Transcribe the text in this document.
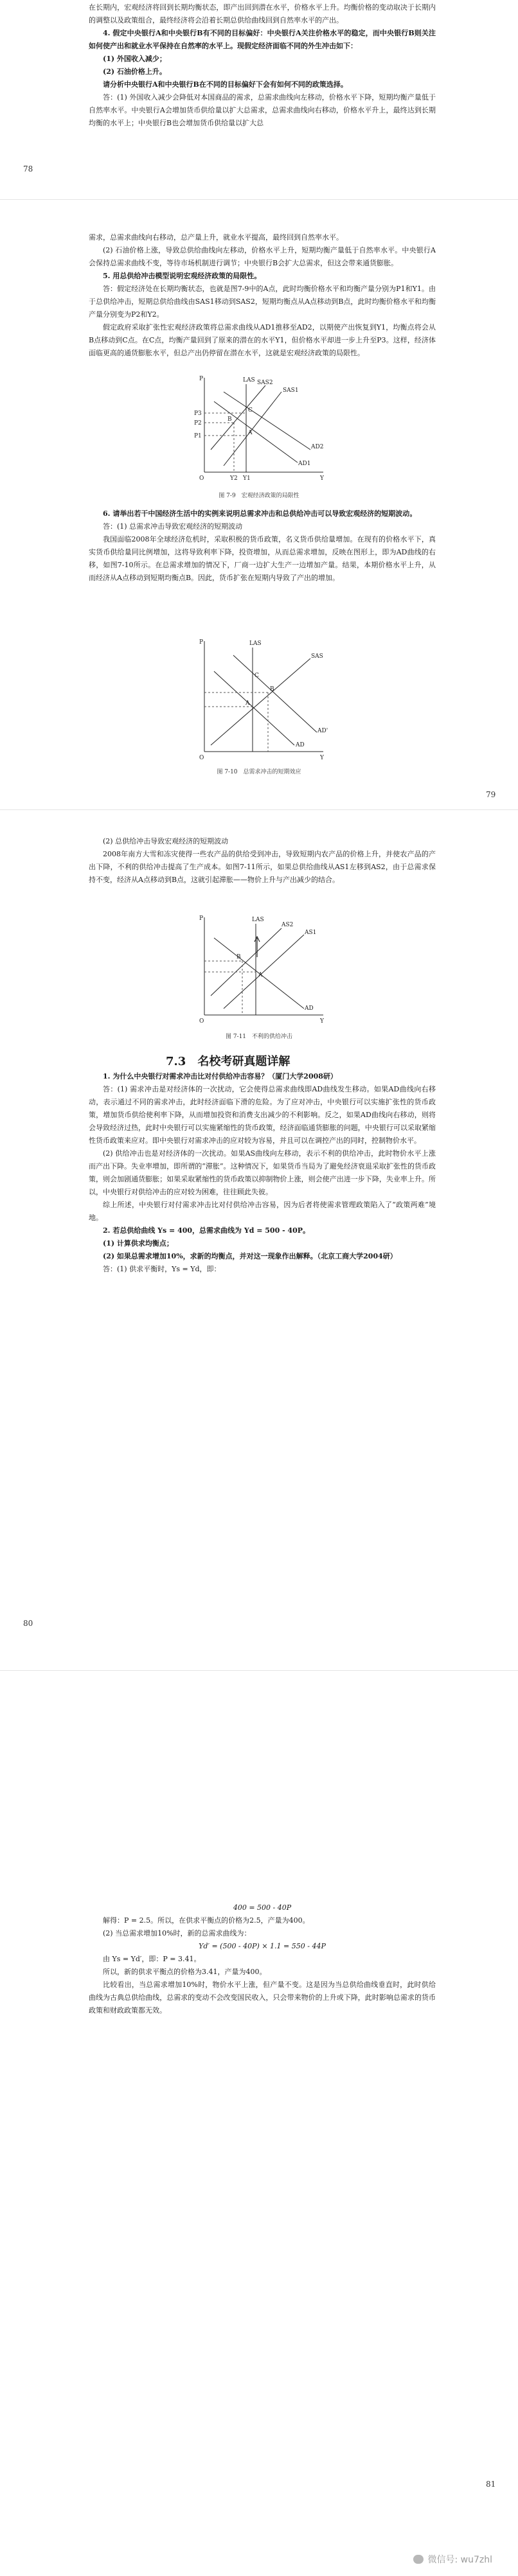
在长期内，宏观经济将回到长期均衡状态，即产出回到潜在水平，价格水平上升。均衡价格的变动取决于长期内的调整以及政策组合，最终经济将会沿着长期总供给曲线回到自然率水平的产出。

4. 假定中央银行A和中央银行B有不同的目标偏好：中央银行A关注价格水平的稳定，而中央银行B则关注如何使产出和就业水平保持在自然率的水平上。现假定经济面临不同的外生冲击如下：

(1) 外国收入减少；

(2) 石油价格上升。

请分析中央银行A和中央银行B在不同的目标偏好下会有如何不同的政策选择。

答：(1) 外国收入减少会降低对本国商品的需求，总需求曲线向左移动，价格水平下降，短期均衡产量低于自然率水平。中央银行A会增加货币供给量以扩大总需求，总需求曲线向右移动，价格水平升上，最终达到长期均衡的水平上；中央银行B也会增加货币供给量以扩大总

78

需求，总需求曲线向右移动，总产量上升，就业水平提高，最终回到自然率水平。

(2) 石油价格上涨，导致总供给曲线向左移动，价格水平上升，短期均衡产量低于自然率水平。中央银行A会保持总需求曲线不变，等待市场机制进行调节；中央银行B会扩大总需求，但这会带来通货膨胀。

5. 用总供给冲击模型说明宏观经济政策的局限性。

答：假定经济处在长期均衡状态，也就是图7-9中的A点，此时均衡价格水平和均衡产量分别为P1和Y1。由于总供给冲击，短期总供给曲线由SAS1移动到SAS2，短期均衡点从A点移动到B点，此时均衡价格水平和均衡产量分别变为P2和Y2。

假定政府采取扩张性宏观经济政策将总需求曲线从AD1推移至AD2，以期使产出恢复到Y1，均衡点将会从B点移动到C点。在C点，均衡产量回到了原来的潜在的水平Y1，但价格水平却进一步上升至P3。这样，经济体面临更高的通货膨胀水平，但总产出仍停留在潜在水平，这就是宏观经济政策的局限性。

P
Y
O
LAS
SAS1
SAS2
AD1
AD2
P1
P2
P3
Y1
Y2
A
B
C
图 7-9　宏观经济政策的局限性

6. 请举出若干中国经济生活中的实例来说明总需求冲击和总供给冲击可以导致宏观经济的短期波动。

答：(1) 总需求冲击导致宏观经济的短期波动

我国面临2008年全球经济危机时，采取积极的货币政策，名义货币供给量增加。在现有的价格水平下，真实货币供给量同比例增加，这将导致利率下降，投资增加，从而总需求增加，反映在图形上，即为AD曲线的右移，如图7-10所示。在总需求增加的情况下，厂商一边扩大生产一边增加产量。结果，本期价格水平上升，从而经济从A点移动到短期均衡点B。因此，货币扩张在短期内导致了产出的增加。

P
Y
O
LAS
SAS
AD
AD'
A
B
C
图 7-10　总需求冲击的短期效应
79

(2) 总供给冲击导致宏观经济的短期波动

2008年南方大雪和冻灾使得一些农产品的供给受到冲击，导致短期内农产品的价格上升，并使农产品的产出下降，不利的供给冲击提高了生产成本。如图7-11所示，如果总供给曲线从AS1左移到AS2，由于总需求保持不变，经济从A点移动到B点，这就引起滞胀——物价上升与产出减少的结合。

P
Y
O
LAS
AS1
AS2
AD
A
B
图 7-11　不利的供给冲击

7.3　名校考研真题详解

1. 为什么中央银行对需求冲击比对付供给冲击容易？（厦门大学2008研）

答：(1) 需求冲击是对经济体的一次扰动，它会使得总需求曲线即AD曲线发生移动。如果AD曲线向右移动，表示通过不同的需求冲击，此时经济面临下滑的危险。为了应对冲击，中央银行可以实施扩张性的货币政策，增加货币供给使利率下降，从而增加投资和消费支出减少的不利影响。反之，如果AD曲线向右移动，则将会导致经济过热，此时中央银行可以实施紧缩性的货币政策，经济面临通货膨胀的问题，中央银行可以采取紧缩性货币政策来应对。即中央银行对需求冲击的应对较为容易，并且可以在调控产出的同时，控制物价水平。

(2) 供给冲击也是对经济体的一次扰动。如果AS曲线向左移动，表示不利的供给冲击，此时物价水平上涨而产出下降。失业率增加，即所谓的“滞胀”。这种情况下，如果货币当局为了避免经济衰退采取扩张性的货币政策，则会加剧通货膨胀；如果采取紧缩性的货币政策以抑制物价上涨，则会使产出进一步下降，失业率上升。所以，中央银行对供给冲击的应对较为困难，往往顾此失彼。

综上所述，中央银行对付需求冲击比对付供给冲击容易，因为后者将使需求管理政策陷入了“政策两难”境地。

2. 若总供给曲线 Ys = 400，总需求曲线为 Yd = 500 - 40P。

(1) 计算供求均衡点；

(2) 如果总需求增加10%，求新的均衡点，并对这一现象作出解释。（北京工商大学2004研）

答：(1) 供求平衡时，Ys = Yd，即：

80

400 = 500 - 40P

解得：P = 2.5。所以，在供求平衡点的价格为2.5，产量为400。

(2) 当总需求增加10%时，新的总需求曲线为：

Yd′ = (500 - 40P) × 1.1 = 550 - 44P

由 Ys = Yd′，即：P = 3.41。

所以，新的供求平衡点的价格为3.41，产量为400。

比较看出，当总需求增加10%时，物价水平上涨，但产量不变。这是因为当总供给曲线垂直时，此时供给曲线为古典总供给曲线，总需求的变动不会改变国民收入，只会带来物价的上升或下降，此时影响总需求的货币政策和财政政策都无效。

81
微信号: wu7zhl
